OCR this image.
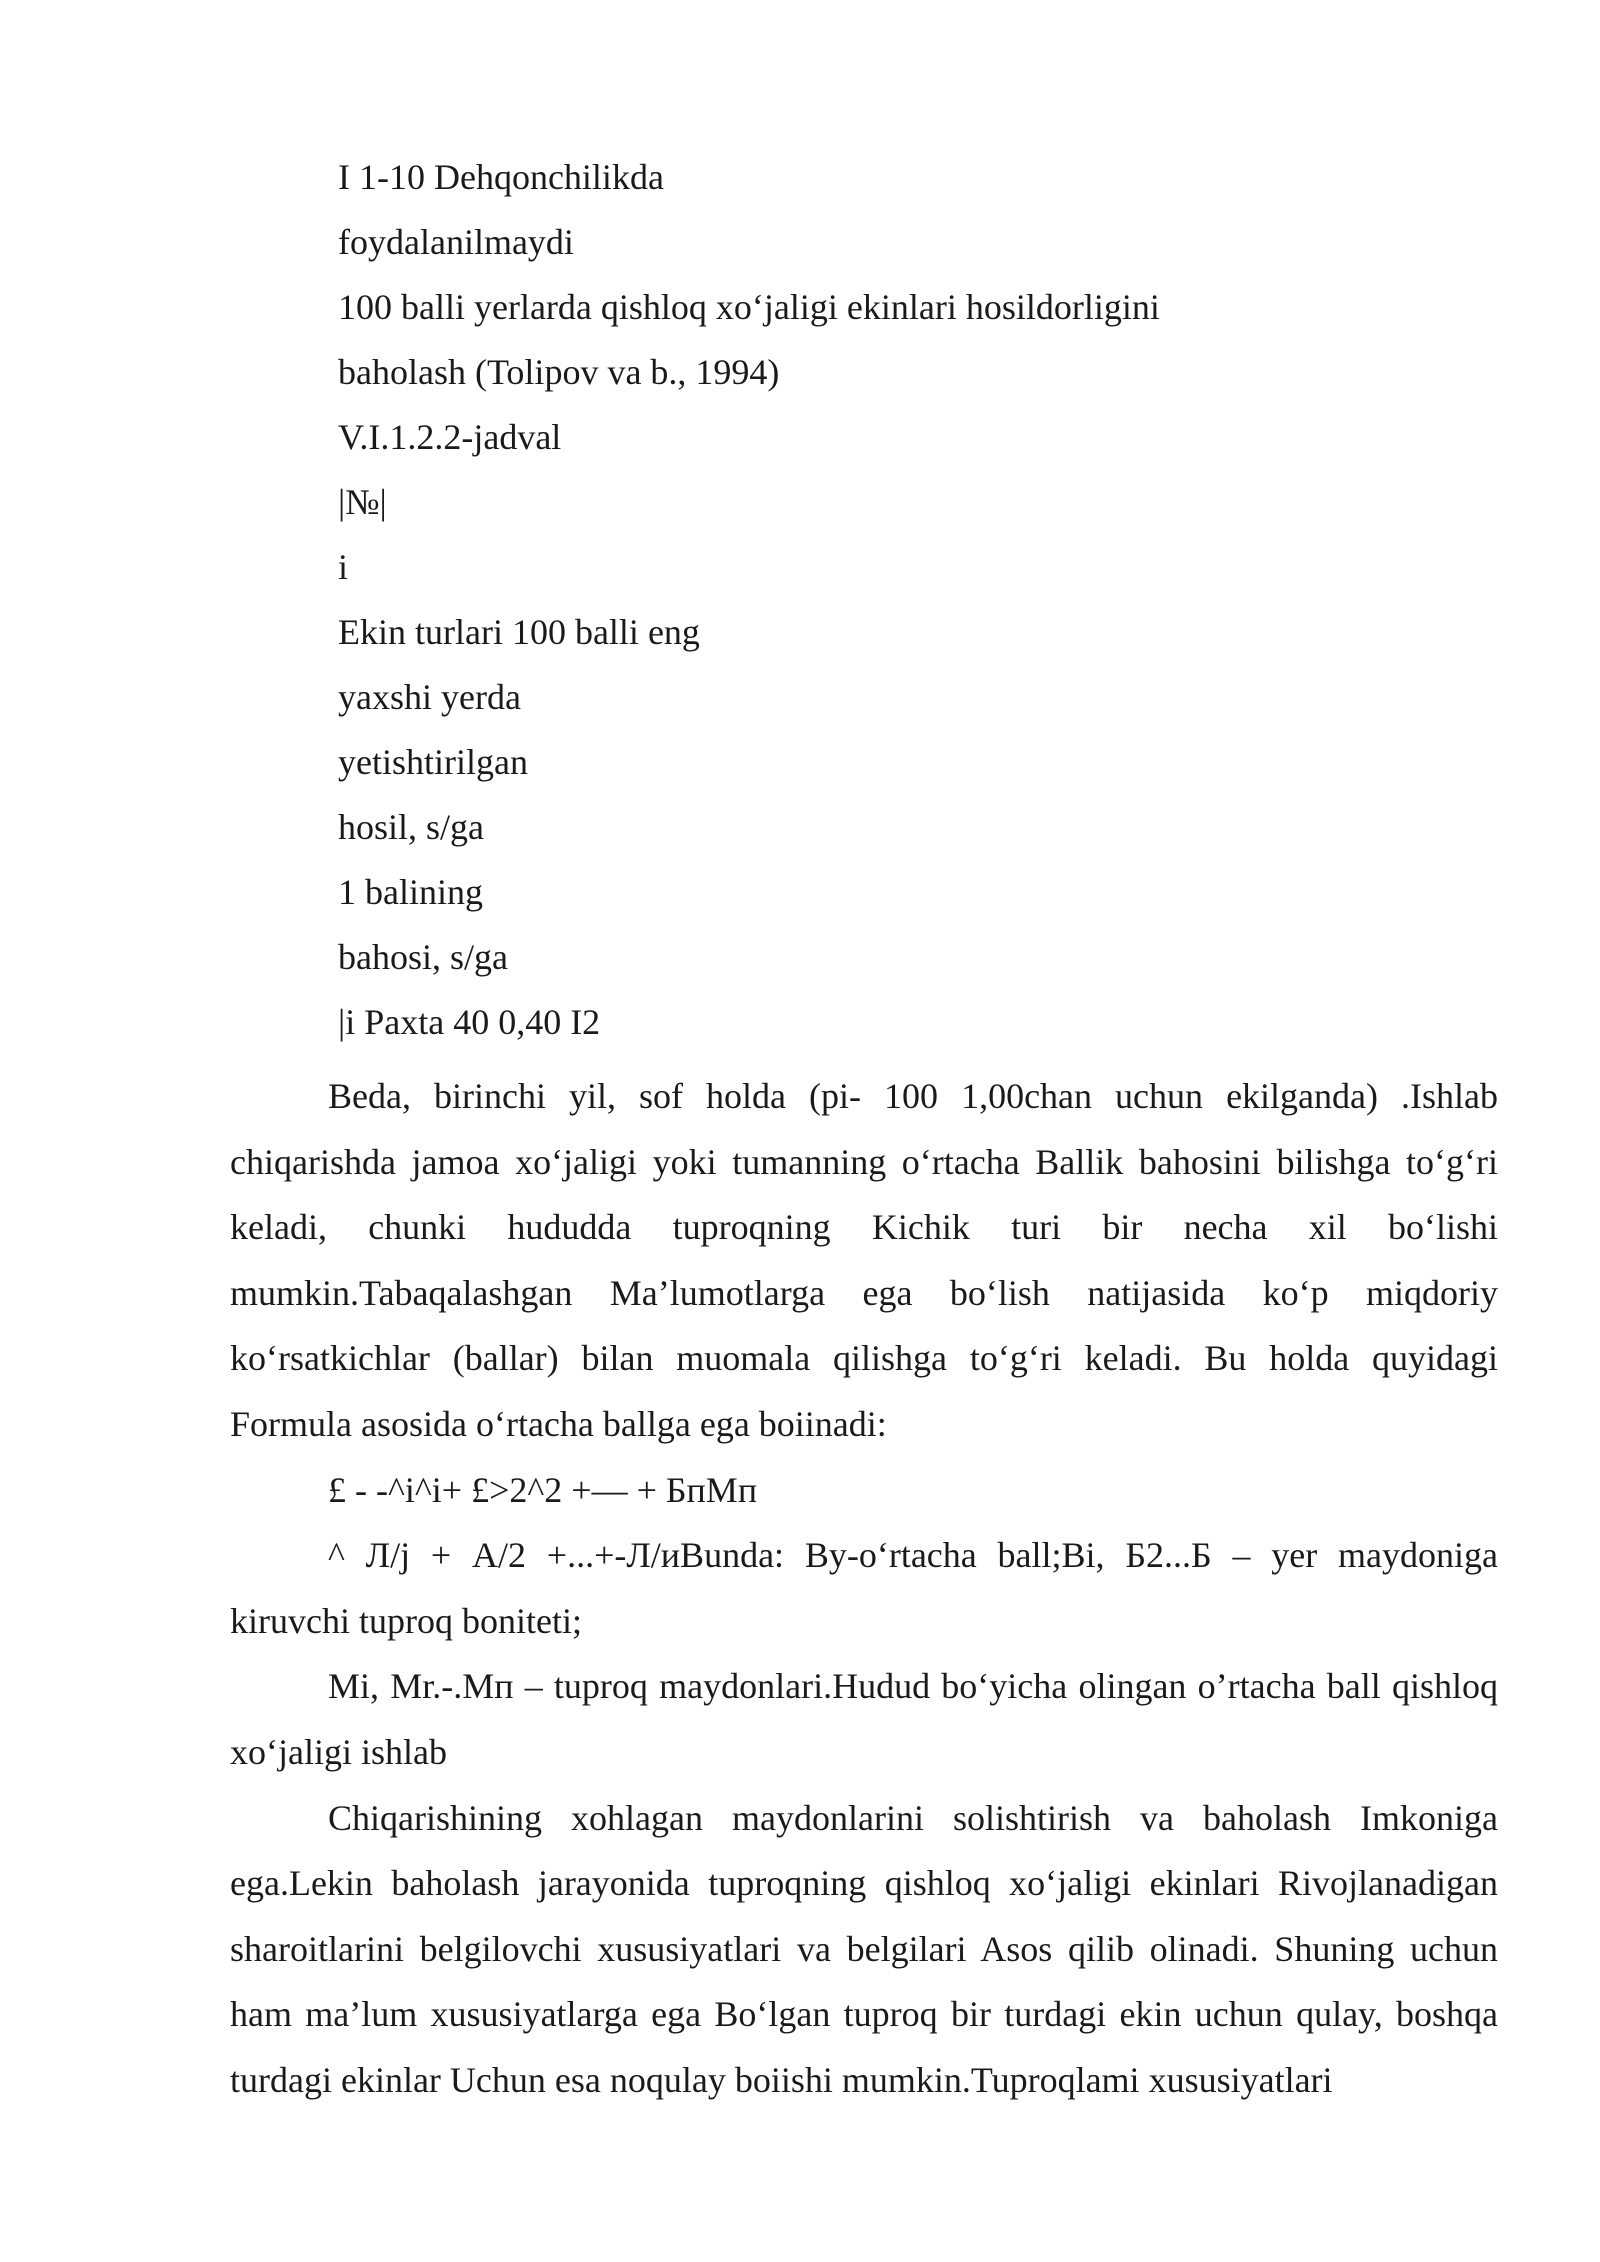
I 1-10 Dehqonchilikda
foydalanilmaydi
100 balli yerlarda qishloq xoʻjaligi ekinlari hosildorligini
baholash (Tolipov va b., 1994)
V.I.1.2.2-jadval
|№|
i
Ekin turlari 100 balli eng
yaxshi yerda
yetishtirilgan
hosil, s/ga
1 balining
bahosi, s/ga
|i Paxta 40 0,40 I2

Beda, birinchi yil, sof holda (pi- 100 1,00chan uchun ekilganda) .Ishlab chiqarishda jamoa xoʻjaligi yoki tumanning oʻrtacha Ballik bahosini bilishga toʻgʻri keladi, chunki hududda tuproqning Kichik turi bir necha xil boʻlishi mumkin.Tabaqalashgan Ma’lumotlarga ega boʻlish natijasida koʻp miqdoriy koʻrsatkichlar (ballar) bilan muomala qilishga toʻgʻri keladi. Bu holda quyidagi Formula asosida oʻrtacha ballga ega boiinadi:

£ - -^i^i+ £>2^2 +— + БпМп

^ Л/j + А/2 +...+-Л/иBunda: By-oʻrtacha ball;Bi, Б2...Б – yer maydoniga kiruvchi tuproq boniteti;

Mi, Mr.-.Mп – tuproq maydonlari.Hudud boʻyicha olingan o’rtacha ball qishloq xoʻjaligi ishlab

Chiqarishining xohlagan maydonlarini solishtirish va baholash Imkoniga ega.Lekin baholash jarayonida tuproqning qishloq xoʻjaligi ekinlari Rivojlanadigan sharoitlarini belgilovchi xususiyatlari va belgilari Asos qilib olinadi. Shuning uchun ham ma’lum xususiyatlarga ega Boʻlgan tuproq bir turdagi ekin uchun qulay, boshqa turdagi ekinlar Uchun esa noqulay boiishi mumkin.Tuproqlami xususiyatlari
